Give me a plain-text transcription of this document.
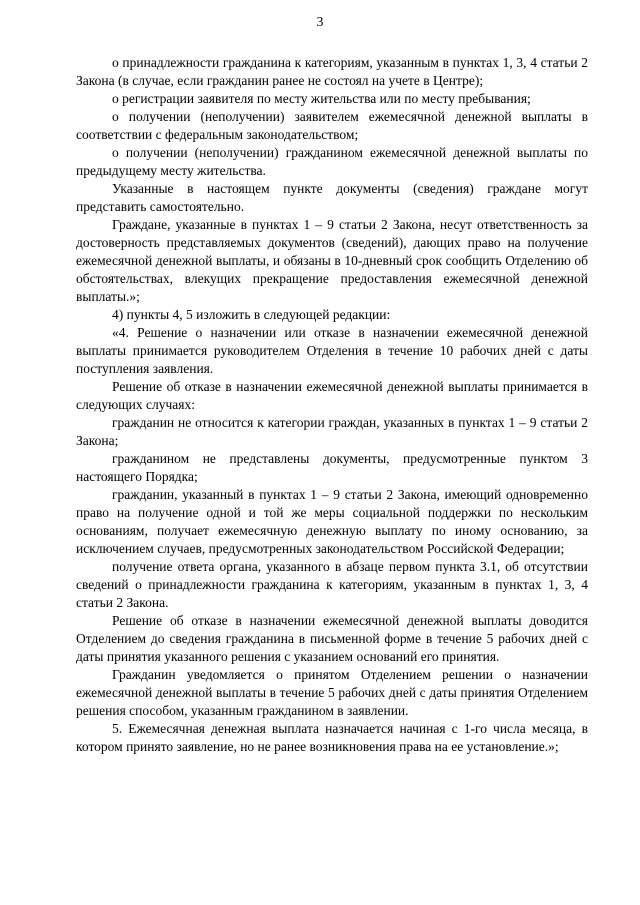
3

о принадлежности гражданина к категориям, указанным в пунктах 1, 3, 4 статьи 2 Закона (в случае, если гражданин ранее не состоял на учете в Центре);

о регистрации заявителя по месту жительства или по месту пребывания;

о получении (неполучении) заявителем ежемесячной денежной выплаты в соответствии с федеральным законодательством;

о получении (неполучении) гражданином ежемесячной денежной выплаты по предыдущему месту жительства.

Указанные в настоящем пункте документы (сведения) граждане могут представить самостоятельно.

Граждане, указанные в пунктах 1 – 9 статьи 2 Закона, несут ответственность за достоверность представляемых документов (сведений), дающих право на получение ежемесячной денежной выплаты, и обязаны в 10-дневный срок сообщить Отделению об обстоятельствах, влекущих прекращение предоставления ежемесячной денежной выплаты.»;

4) пункты 4, 5 изложить в следующей редакции:

«4. Решение о назначении или отказе в назначении ежемесячной денежной выплаты принимается руководителем Отделения в течение 10 рабочих дней с даты поступления заявления.

Решение об отказе в назначении ежемесячной денежной выплаты принимается в следующих случаях:

гражданин не относится к категории граждан, указанных в пунктах 1 – 9 статьи 2 Закона;

гражданином не представлены документы, предусмотренные пунктом 3 настоящего Порядка;

гражданин, указанный в пунктах 1 – 9 статьи 2 Закона, имеющий одновременно право на получение одной и той же меры социальной поддержки по нескольким основаниям, получает ежемесячную денежную выплату по иному основанию, за исключением случаев, предусмотренных законодательством Российской Федерации;

получение ответа органа, указанного в абзаце первом пункта 3.1, об отсутствии сведений о принадлежности гражданина к категориям, указанным в пунктах 1, 3, 4 статьи 2 Закона.

Решение об отказе в назначении ежемесячной денежной выплаты доводится Отделением до сведения гражданина в письменной форме в течение 5 рабочих дней с даты принятия указанного решения с указанием оснований его принятия.

Гражданин уведомляется о принятом Отделением решении о назначении ежемесячной денежной выплаты в течение 5 рабочих дней с даты принятия Отделением решения способом, указанным гражданином в заявлении.

5. Ежемесячная денежная выплата назначается начиная с 1-го числа месяца, в котором принято заявление, но не ранее возникновения права на ее установление.»;
